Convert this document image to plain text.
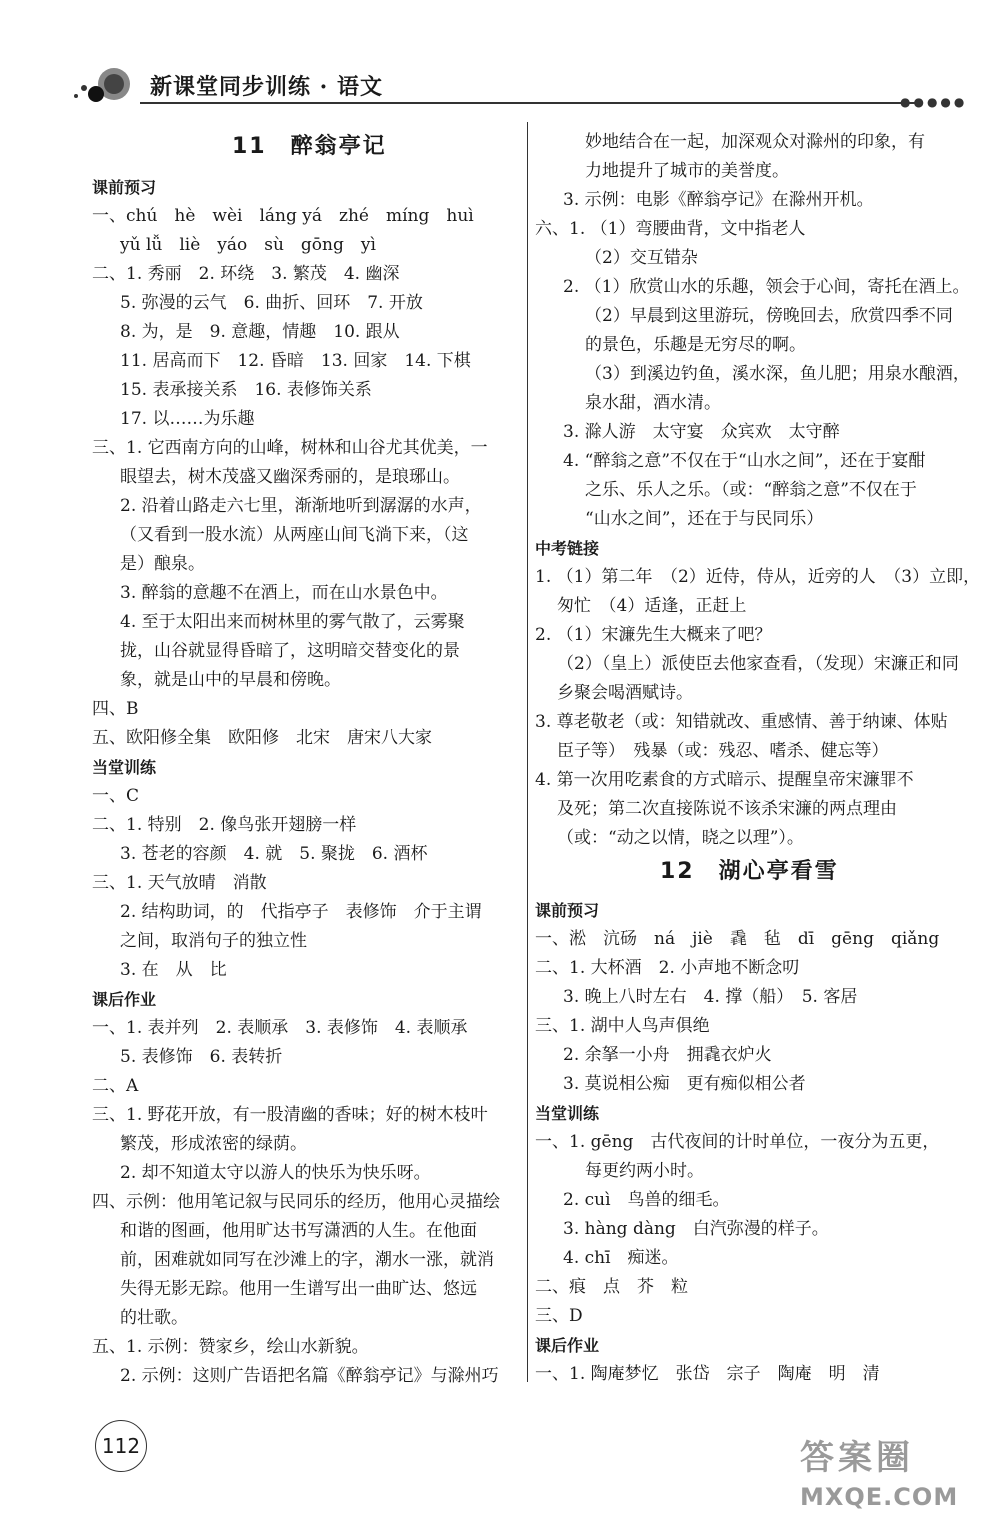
新课堂同步训练 · 语文
●●●●●
11　醉翁亭记
课前预习
一、chú　hè　wèi　láng yá　zhé　míng　huì
yǔ lǚ　liè　yáo　sù　gōng　yì
二、1. 秀丽　2. 环绕　3. 繁茂　4. 幽深
5. 弥漫的云气　6. 曲折、回环　7. 开放
8. 为，是　9. 意趣，情趣　10. 跟从
11. 居高而下　12. 昏暗　13. 回家　14. 下棋
15. 表承接关系　16. 表修饰关系
17. 以……为乐趣
三、1. 它西南方向的山峰，树林和山谷尤其优美，一
眼望去，树木茂盛又幽深秀丽的，是琅琊山。
2. 沿着山路走六七里，渐渐地听到潺潺的水声，
（又看到一股水流）从两座山间飞淌下来，（这
是）酿泉。
3. 醉翁的意趣不在酒上，而在山水景色中。
4. 至于太阳出来而树林里的雾气散了，云雾聚
拢，山谷就显得昏暗了，这明暗交替变化的景
象，就是山中的早晨和傍晚。
四、B
五、欧阳修全集　欧阳修　北宋　唐宋八大家
当堂训练
一、C
二、1. 特别　2. 像鸟张开翅膀一样
3. 苍老的容颜　4. 就　5. 聚拢　6. 酒杯
三、1. 天气放晴　消散
2. 结构助词，的　代指亭子　表修饰　介于主谓
之间，取消句子的独立性
3. 在　从　比
课后作业
一、1. 表并列　2. 表顺承　3. 表修饰　4. 表顺承
5. 表修饰　6. 表转折
二、A
三、1. 野花开放，有一股清幽的香味；好的树木枝叶
繁茂，形成浓密的绿荫。
2. 却不知道太守以游人的快乐为快乐呀。
四、示例：他用笔记叙与民同乐的经历，他用心灵描绘
和谐的图画，他用旷达书写潇洒的人生。在他面
前，困难就如同写在沙滩上的字，潮水一涨，就消
失得无影无踪。他用一生谱写出一曲旷达、悠远
的壮歌。
五、1. 示例：赞家乡，绘山水新貌。
2. 示例：这则广告语把名篇《醉翁亭记》与滁州巧
妙地结合在一起，加深观众对滁州的印象，有
力地提升了城市的美誉度。
3. 示例：电影《醉翁亭记》在滁州开机。
六、1. （1）弯腰曲背，文中指老人
（2）交互错杂
2. （1）欣赏山水的乐趣，领会于心间，寄托在酒上。
（2）早晨到这里游玩，傍晚回去，欣赏四季不同
的景色，乐趣是无穷尽的啊。
（3）到溪边钓鱼，溪水深，鱼儿肥；用泉水酿酒，
泉水甜，酒水清。
3. 滁人游　太守宴　众宾欢　太守醉
4. “醉翁之意”不仅在于“山水之间”，还在于宴酣
之乐、乐人之乐。（或：“醉翁之意”不仅在于
“山水之间”，还在于与民同乐）
中考链接
1. （1）第二年　（2）近侍，侍从，近旁的人　（3）立即，
匆忙　（4）适逢，正赶上
2. （1）宋濂先生大概来了吧？
（2）（皇上）派使臣去他家查看，（发现）宋濂正和同
乡聚会喝酒赋诗。
3. 尊老敬老（或：知错就改、重感情、善于纳谏、体贴
臣子等）　残暴（或：残忍、嗜杀、健忘等）
4. 第一次用吃素食的方式暗示、提醒皇帝宋濂罪不
及死；第二次直接陈说不该杀宋濂的两点理由
（或：“动之以情，晓之以理”）。
12　湖心亭看雪
课前预习
一、淞　沆砀　ná　jiè　毳　毡　dī　gēng　qiǎng
二、1. 大杯酒　2. 小声地不断念叨
3. 晚上八时左右　4. 撑（船）　5. 客居
三、1. 湖中人鸟声俱绝
2. 余拏一小舟　拥毳衣炉火
3. 莫说相公痴　更有痴似相公者
当堂训练
一、1. gēng　古代夜间的计时单位，一夜分为五更，
每更约两小时。
2. cuì　鸟兽的细毛。
3. hàng dàng　白汽弥漫的样子。
4. chī　痴迷。
二、痕　点　芥　粒
三、D
课后作业
一、1. 陶庵梦忆　张岱　宗子　陶庵　明　清
112	答案圈
MXQE.COM
